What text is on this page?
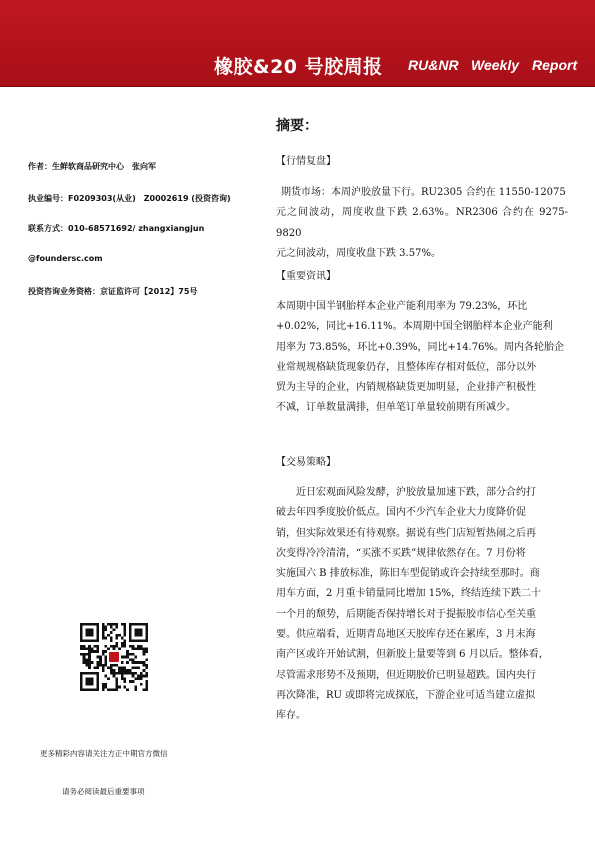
橡胶&20 号胶周报 RU&NR Weekly Report
摘要：
作者：生鲜软商品研究中心　张向军
执业编号：F0209303(从业)　Z0002619 (投资咨询)
联系方式：010-68571692/ zhangxiangjun
@foundersc.com
投资咨询业务资格：京证监许可【2012】75号
【行情复盘】

期货市场：本周沪胶放量下行。RU2305 合约在 11550-12075
元之间波动，周度收盘下跌 2.63%。NR2306 合约在 9275-9820
元之间波动，周度收盘下跌 3.57%。

【重要资讯】

本周期中国半钢胎样本企业产能利用率为 79.23%，环比
+0.02%，同比+16.11%。本周期中国全钢胎样本企业产能利
用率为 73.85%，环比+0.39%，同比+14.76%。周内各轮胎企
业常规规格缺货现象仍存，且整体库存相对低位，部分以外
贸为主导的企业，内销规格缺货更加明显，企业排产积极性
不减，订单数量满排，但单笔订单量较前期有所减少。

【交易策略】

近日宏观面风险发酵，沪胶放量加速下跌，部分合约打
破去年四季度胶价低点。国内不少汽车企业大力度降价促
销，但实际效果还有待观察。据说有些门店短暂热闹之后再
次变得冷冷清清，“买涨不买跌”规律依然存在。7 月份将
实施国六 B 排放标准，陈旧车型促销或许会持续至那时。商
用车方面，2 月重卡销量同比增加 15%，终结连续下跌二十
一个月的颓势，后期能否保持增长对于提振胶市信心至关重
要。供应端看，近期青岛地区天胶库存还在累库，3 月末海
南产区或许开始试割，但新胶上量要等到 6 月以后。整体看，
尽管需求形势不及预期，但近期胶价已明显超跌。国内央行
再次降准，RU 或即将完成探底，下游企业可适当建立虚拟
库存。

更多精彩内容请关注方正中期官方微信
请务必阅读最后重要事项
